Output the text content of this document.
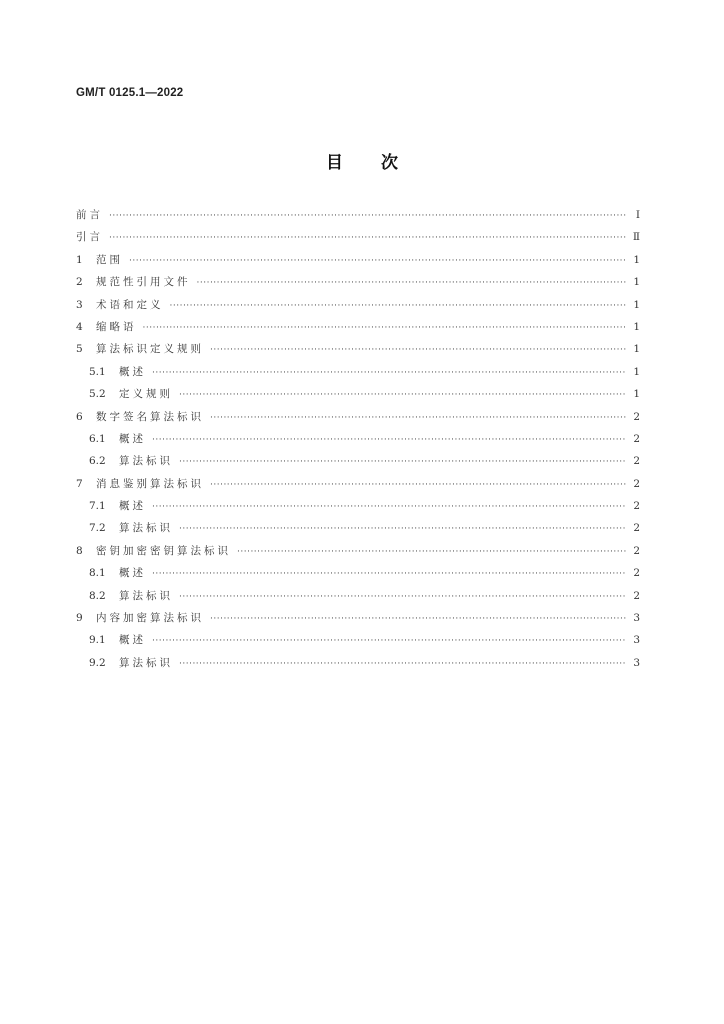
GM/T 0125.1—2022
目 次
前言 ·····	Ⅰ
引言 ·····	Ⅱ
1	范围 ·····	1
2	规范性引用文件 ·····	1
3	术语和定义 ·····	1
4	缩略语 ·····	1
5	算法标识定义规则 ·····	1
5.1	概述 ·····	1
5.2	定义规则 ·····	1
6	数字签名算法标识 ·····	2
6.1	概述 ·····	2
6.2	算法标识 ·····	2
7	消息鉴别算法标识 ·····	2
7.1	概述 ·····	2
7.2	算法标识 ·····	2
8	密钥加密密钥算法标识 ·····	2
8.1	概述 ·····	2
8.2	算法标识 ·····	2
9	内容加密算法标识 ·····	3
9.1	概述 ·····	3
9.2	算法标识 ·····	3
